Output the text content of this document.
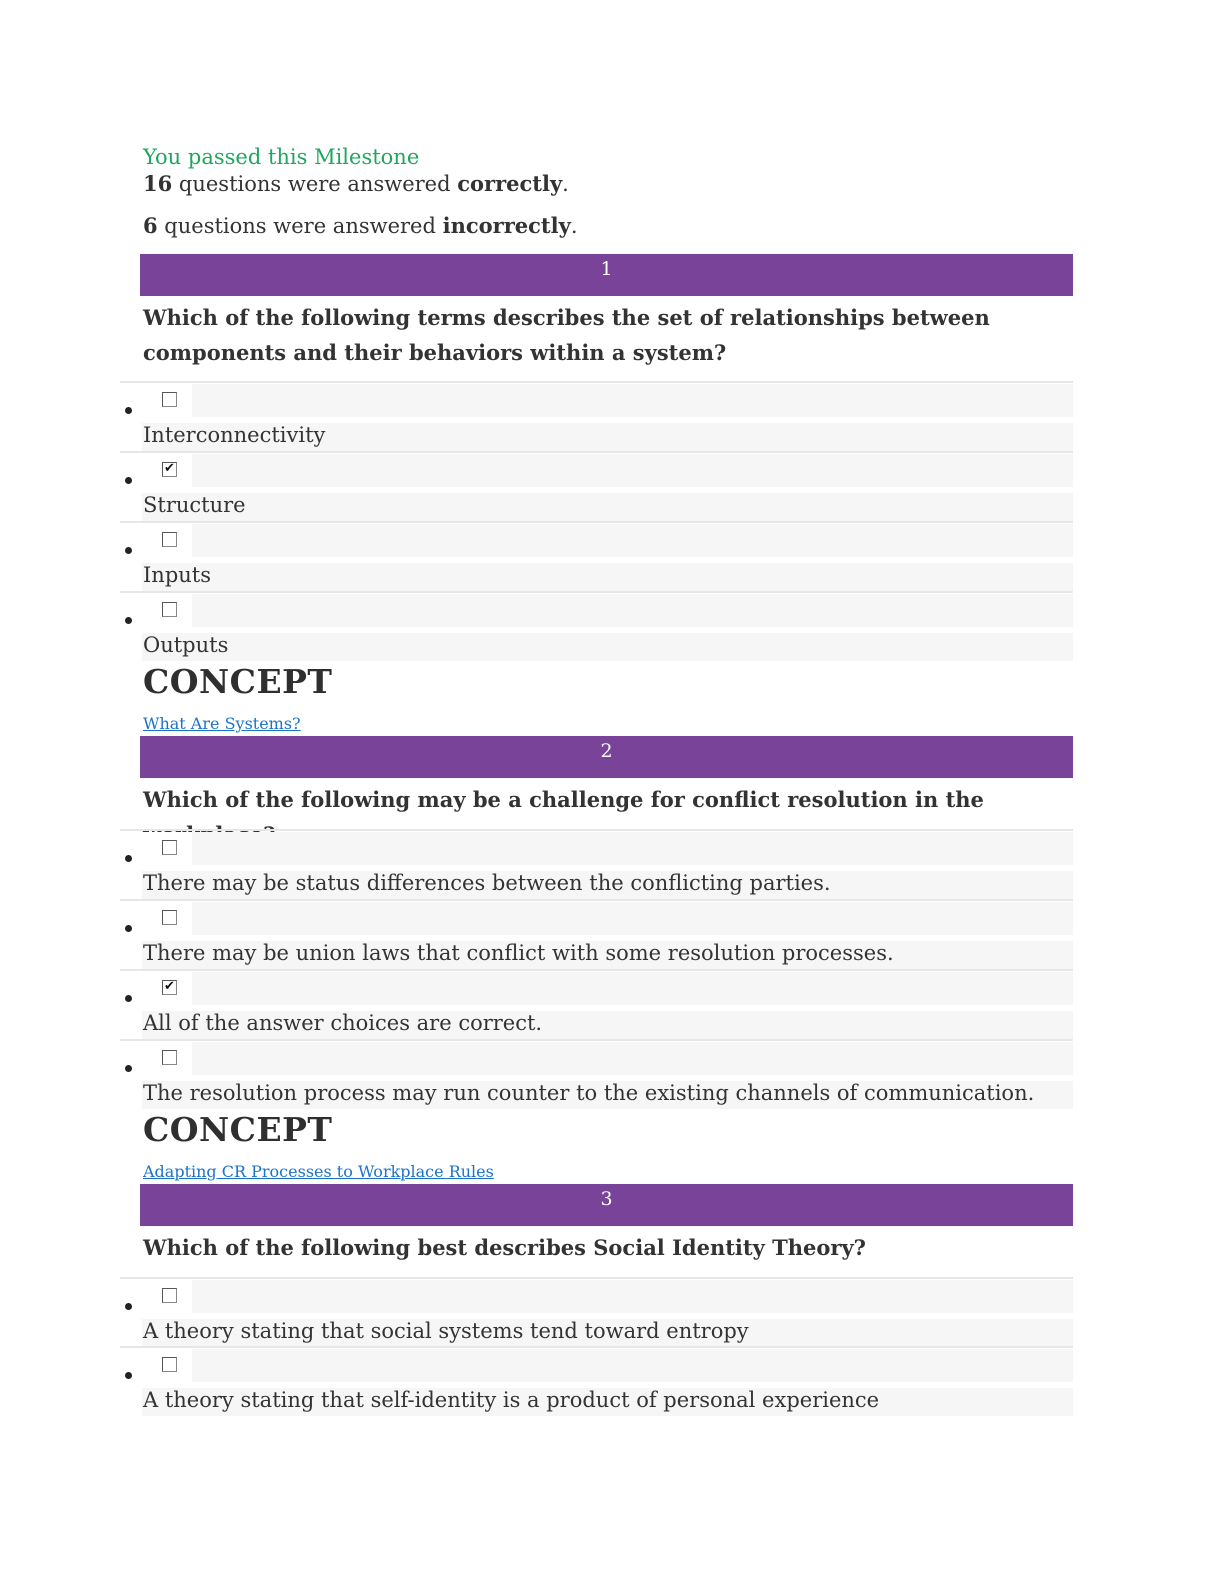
You passed this Milestone
16 questions were answered correctly.
6 questions were answered incorrectly.
1
Which of the following terms describes the set of relationships between components and their behaviors within a system?
Interconnectivity
✔
Structure
Inputs
Outputs
CONCEPT
What Are Systems?
2
Which of the following may be a challenge for conflict resolution in the
There may be status differences between the conflicting parties.
There may be union laws that conflict with some resolution processes.
✔
All of the answer choices are correct.
The resolution process may run counter to the existing channels of communication.
CONCEPT
Adapting CR Processes to Workplace Rules
3
Which of the following best describes Social Identity Theory?
A theory stating that social systems tend toward entropy
A theory stating that self-identity is a product of personal experience
